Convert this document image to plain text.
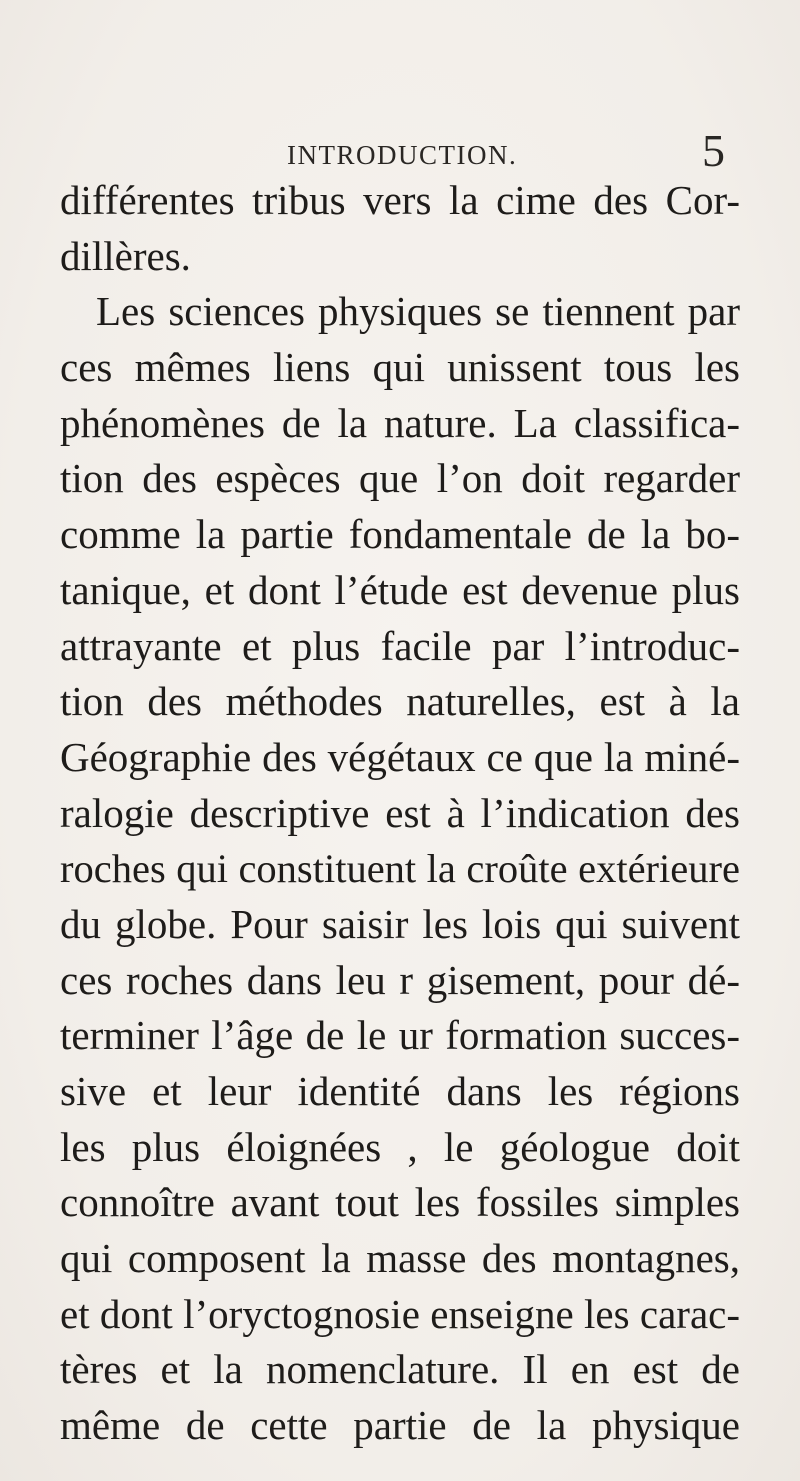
INTRODUCTION.	5
différentes tribus vers la cime des Cor-
dillères.
Les sciences physiques se tiennent par
ces mêmes liens qui unissent tous les
phénomènes de la nature. La classifica-
tion des espèces que l’on doit regarder
comme la partie fondamentale de la bo-
tanique, et dont l’étude est devenue plus
attrayante et plus facile par l’introduc-
tion des méthodes naturelles, est à la
Géographie des végétaux ce que la miné-
ralogie descriptive est à l’indication des
roches qui constituent la croûte extérieure
du globe. Pour saisir les lois qui suivent
ces roches dans leu r gisement, pour dé-
terminer l’âge de le ur formation succes-
sive et leur identité dans les régions
les plus éloignées , le géologue doit
connoître avant tout les fossiles simples
qui composent la masse des montagnes,
et dont l’oryctognosie enseigne les carac-
tères et la nomenclature. Il en est de
même de cette partie de la physique
